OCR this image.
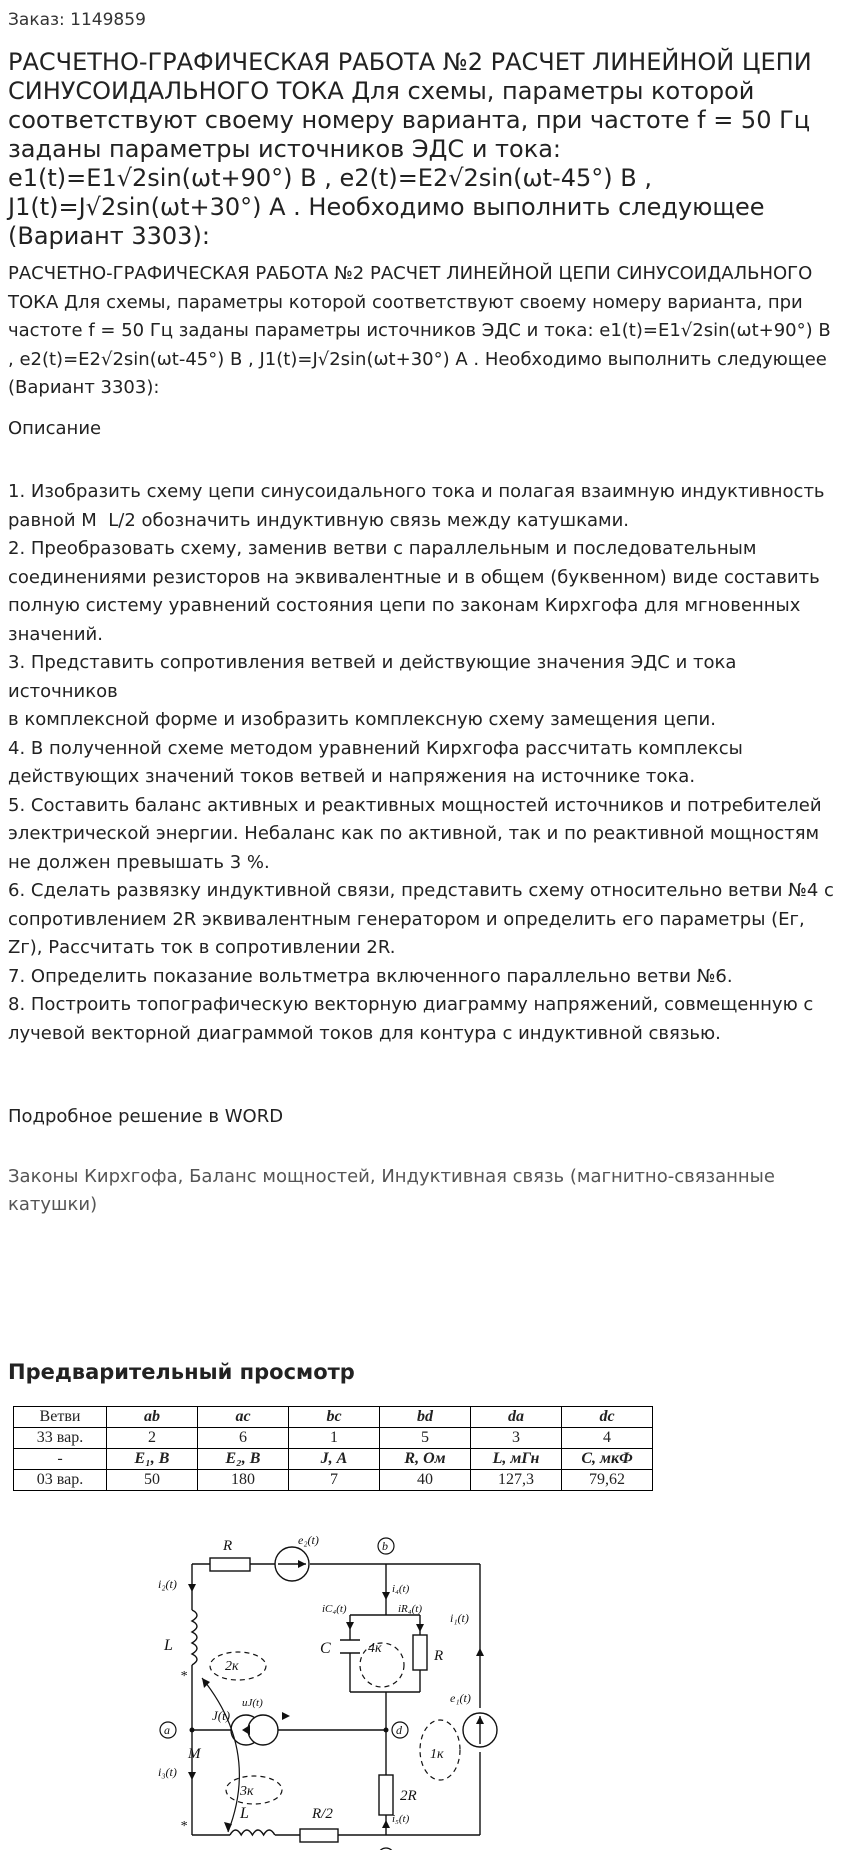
Заказ: 1149859
РАСЧЕТНО-ГРАФИЧЕСКАЯ РАБОТА №2 РАСЧЕТ ЛИНЕЙНОЙ ЦЕПИ СИНУСОИДАЛЬНОГО ТОКА Для схемы, параметры которой соответствуют своему номеру варианта, при частоте f = 50 Гц заданы параметры источников ЭДС и тока: e1(t)=E1√2sin(ωt+90°) В , e2(t)=E2√2sin(ωt-45°) В , J1(t)=J√2sin(ωt+30°) А . Необходимо выполнить следующее (Вариант 3303):
РАСЧЕТНО-ГРАФИЧЕСКАЯ РАБОТА №2 РАСЧЕТ ЛИНЕЙНОЙ ЦЕПИ СИНУСОИДАЛЬНОГО ТОКА Для схемы, параметры которой соответствуют своему номеру варианта, при частоте f = 50 Гц заданы параметры источников ЭДС и тока: e1(t)=E1√2sin(ωt+90°) В , e2(t)=E2√2sin(ωt-45°) В , J1(t)=J√2sin(ωt+30°) А . Необходимо выполнить следующее (Вариант 3303):
Описание
1. Изобразить схему цепи синусоидального тока и полагая взаимную индуктивность равной М ￼ L/2 обозначить индуктивную связь между катушками.
2. Преобразовать схему, заменив ветви с параллельным и последовательным соединениями резисторов на эквивалентные и в общем (буквенном) виде составить полную систему уравнений состояния цепи по законам Кирхгофа для мгновенных значений.
3. Представить сопротивления ветвей и действующие значения ЭДС и тока источников
в комплексной форме и изобразить комплексную схему замещения цепи.
4. В полученной схеме методом уравнений Кирхгофа рассчитать комплексы действующих значений токов ветвей и напряжения на источнике тока.
5. Составить баланс активных и реактивных мощностей источников и потребителей электрической энергии. Небаланс как по активной, так и по реактивной мощностям не должен превышать 3 %.
6. Сделать развязку индуктивной связи, представить схему относительно ветви №4 с сопротивлением 2R эквивалентным генератором и определить его параметры (Ег, Zг), Рассчитать ток в сопротивлении 2R.
7. Определить показание вольтметра включенного параллельно ветви №6.
8. Построить топографическую векторную диаграмму напряжений, совмещенную с лучевой векторной диаграммой токов для контура с индуктивной связью.
Подробное решение в WORD
Законы Кирхгофа, Баланс мощностей, Индуктивная связь (магнитно-связанные катушки)
Предварительный просмотр
Ветви	ab	ac	bc	bd	da	dc
33 вар.	2	6	1	5	3	4
-	E₁, В	E₂, В	J, А	R, Ом	L, мГн	С, мкФ
03 вар.	50	180	7	40	127,3	79,62
R	e₂(t)	b
i₂(t)	i₄(t)
iC₄(t)	iR₄(t)
i₁(t)
e₁(t)
C	R
L
*
2к
4к
uJ(t)
J(t)
a	d
M	1к
i₃(t)
3к	2R
i₅(t)
*
L	R/2
